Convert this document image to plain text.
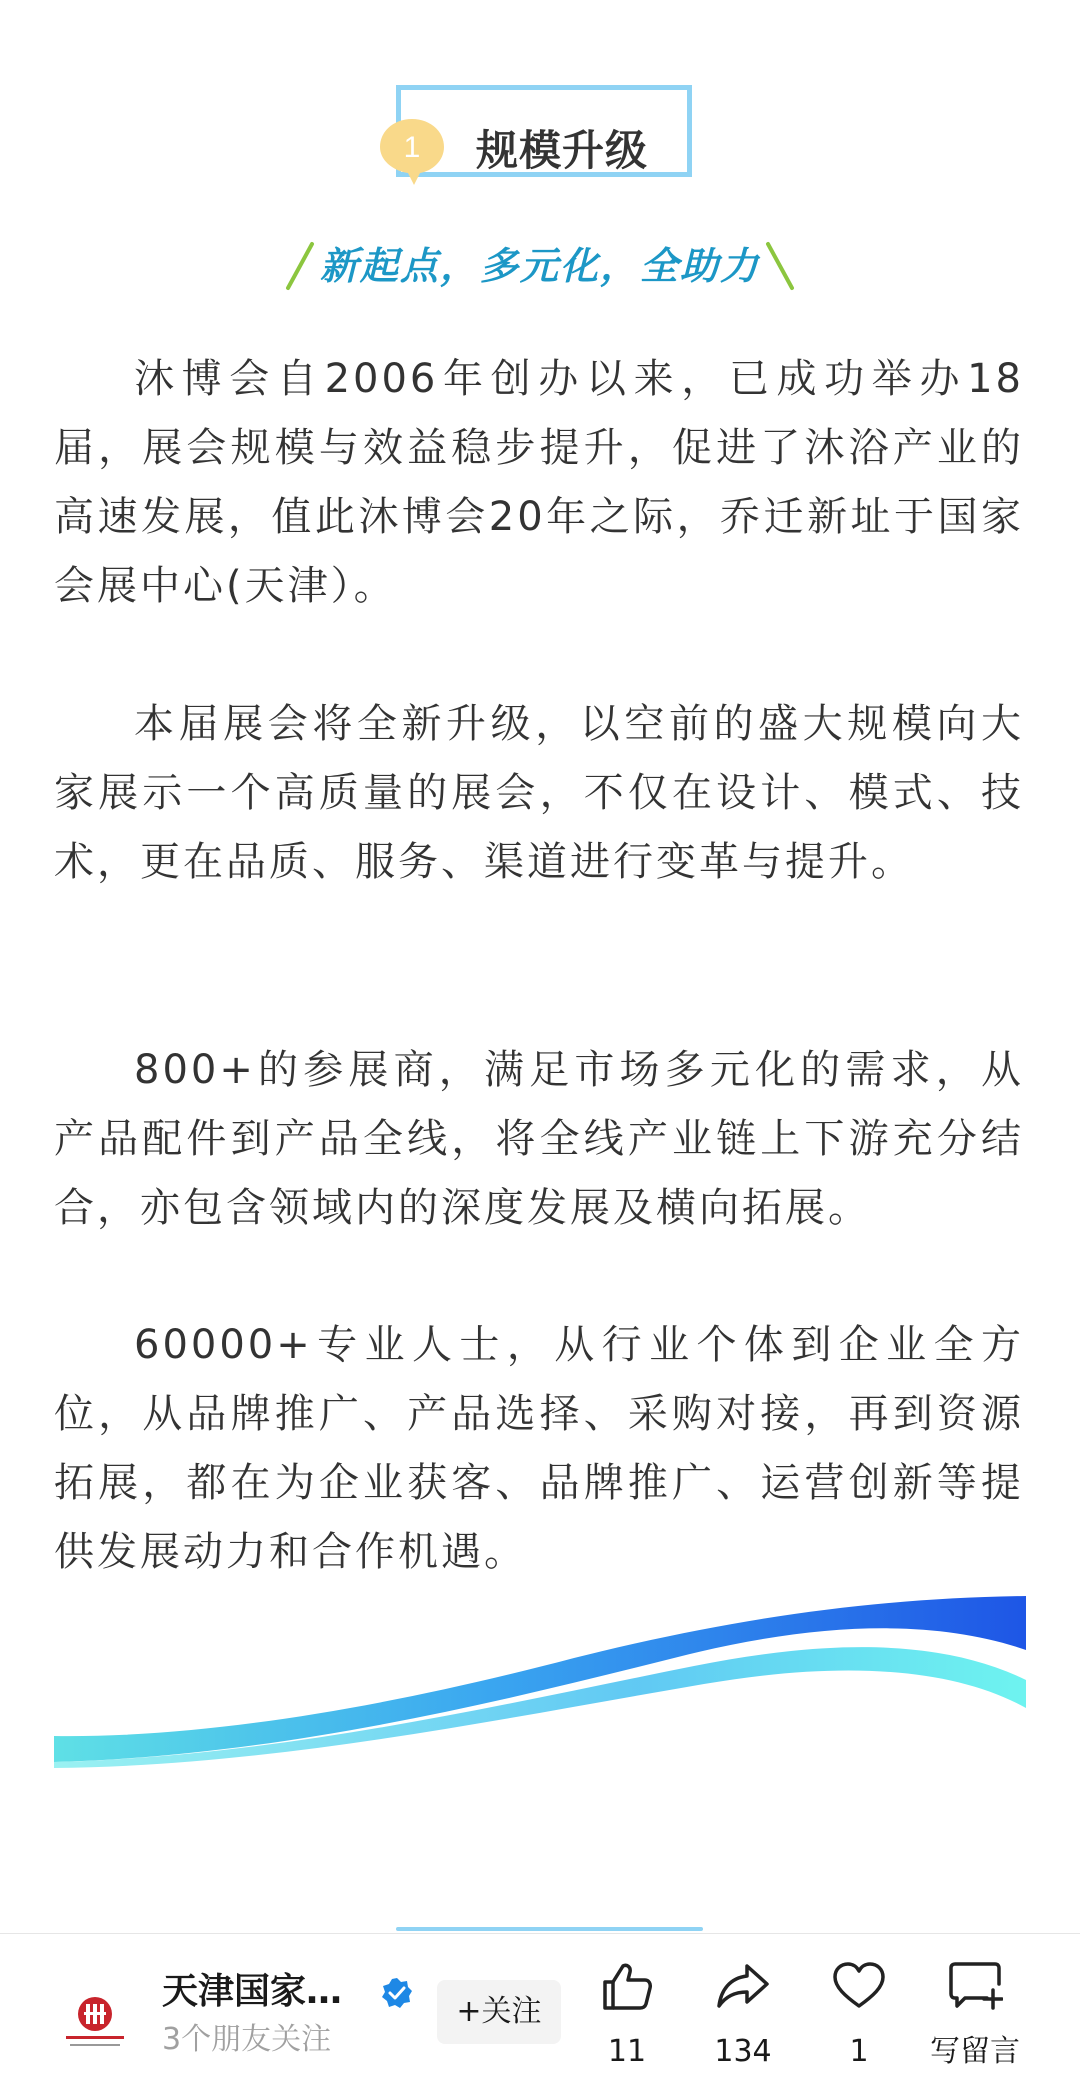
1 规模升级
新起点，多元化，全助力

沐博会自2006年创办以来，已成功举办18届，展会规模与效益稳步提升，促进了沐浴产业的高速发展，值此沐博会20年之际，乔迁新址于国家会展中心(天津）。

本届展会将全新升级，以空前的盛大规模向大家展示一个高质量的展会，不仅在设计、模式、技术，更在品质、服务、渠道进行变革与提升。

800+的参展商，满足市场多元化的需求，从产品配件到产品全线，将全线产业链上下游充分结合，亦包含领域内的深度发展及横向拓展。

60000+专业人士，从行业个体到企业全方位，从品牌推广、产品选择、采购对接，再到资源拓展，都在为企业获客、品牌推广、运营创新等提供发展动力和合作机遇。

天津国家…
3个朋友关注
+关注
11	134	1	写留言
